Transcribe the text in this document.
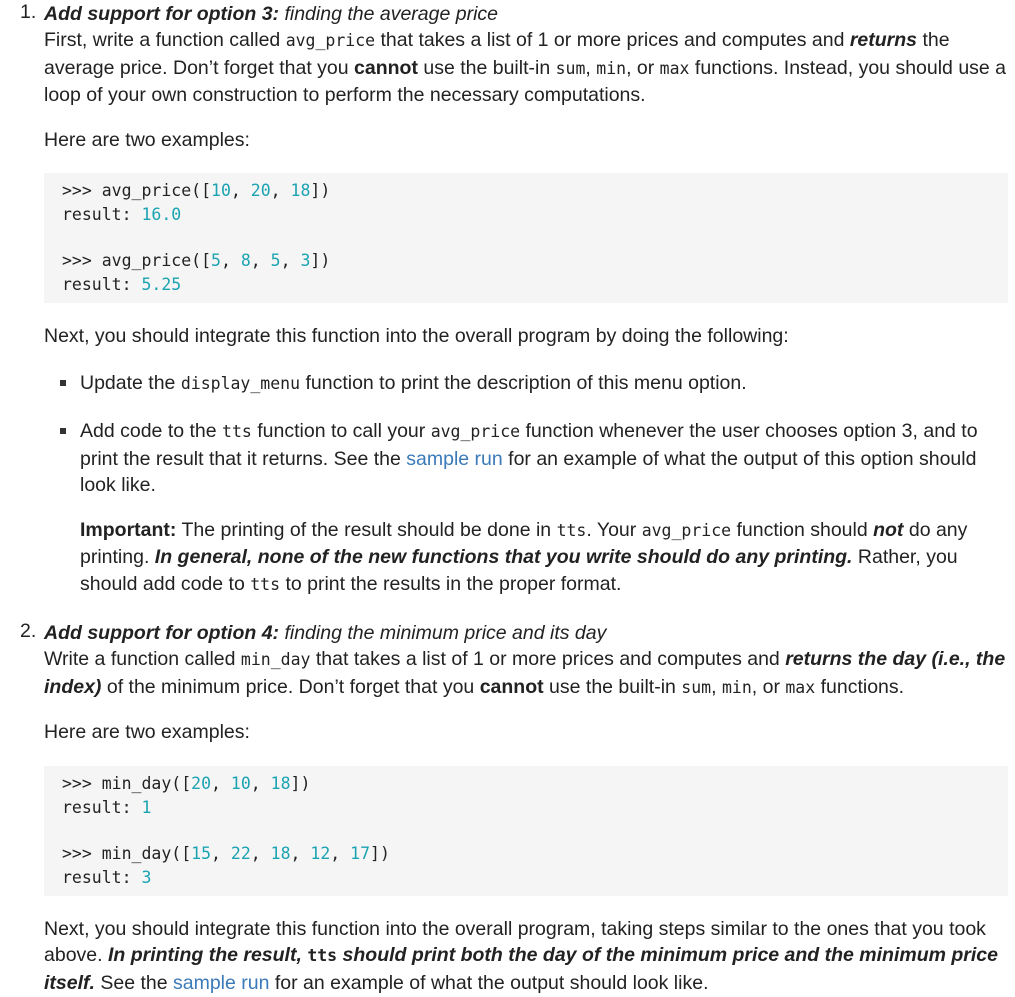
1. Add support for option 3: finding the average price

First, write a function called avg_price that takes a list of 1 or more prices and computes and returns the average price. Don’t forget that you cannot use the built-in sum, min, or max functions. Instead, you should use a loop of your own construction to perform the necessary computations.

Here are two examples:

>>> avg_price([10, 20, 18])
result: 16.0
>>> avg_price([5, 8, 5, 3])
result: 5.25

Next, you should integrate this function into the overall program by doing the following:

Update the display_menu function to print the description of this menu option.

Add code to the tts function to call your avg_price function whenever the user chooses option 3, and to print the result that it returns. See the sample run for an example of what the output of this option should look like.

Important: The printing of the result should be done in tts. Your avg_price function should not do any printing. In general, none of the new functions that you write should do any printing. Rather, you should add code to tts to print the results in the proper format.

2. Add support for option 4: finding the minimum price and its day

Write a function called min_day that takes a list of 1 or more prices and computes and returns the day (i.e., the index) of the minimum price. Don’t forget that you cannot use the built-in sum, min, or max functions.

Here are two examples:

>>> min_day([20, 10, 18])
result: 1
>>> min_day([15, 22, 18, 12, 17])
result: 3

Next, you should integrate this function into the overall program, taking steps similar to the ones that you took above. In printing the result, tts should print both the day of the minimum price and the minimum price itself. See the sample run for an example of what the output should look like.
